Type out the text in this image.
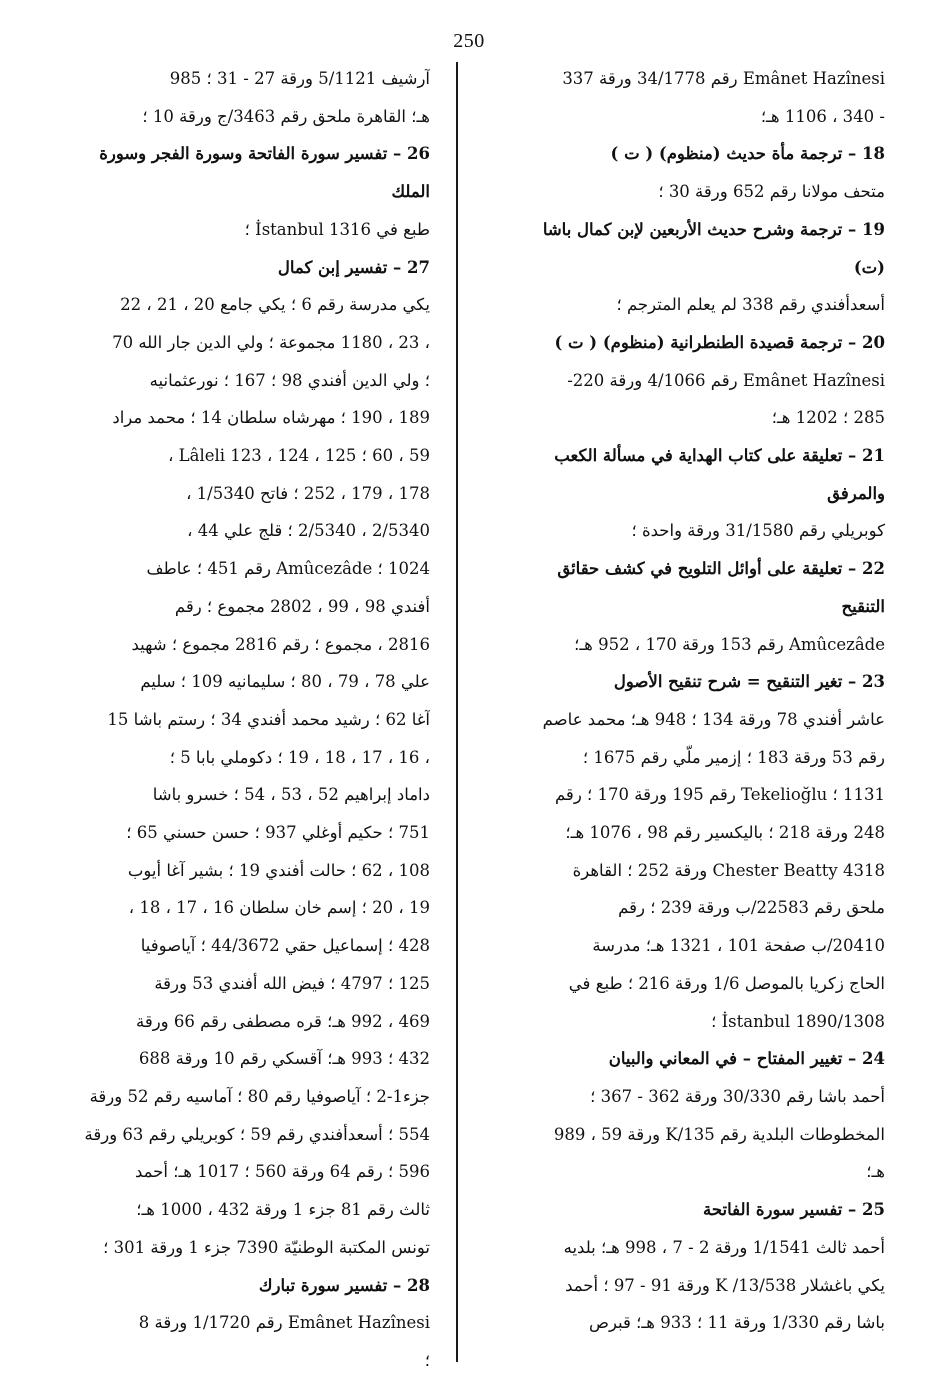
250
Emânet Hazînesi رقم 34/1778 ورقة 337
- 340 ، 1106 هـ؛
18 – ترجمة مأة حديث (منظوم) ( ت )
متحف مولانا رقم 652 ورقة 30 ؛
19 – ترجمة وشرح حديث الأربعين لإبن كمال باشا
(ت)
أسعدأفندي رقم 338 لم يعلم المترجم ؛
20 – ترجمة قصيدة الطنطرانية (منظوم) ( ت )
Emânet Hazînesi رقم 4/1066 ورقة 220-
285 ؛ 1202 هـ؛
21 – تعليقة على كتاب الهداية في مسألة الكعب
والمرفق
كوبريلي رقم 31/1580 ورقة واحدة ؛
22 – تعليقة على أوائل التلويح في كشف حقائق
التنقيح
Amûcezâde رقم 153 ورقة 170 ، 952 هـ؛
23 – تغير التنقيح = شرح تنقيح الأصول
عاشر أفندي 78 ورقة 134 ؛ 948 هـ؛ محمد عاصم
رقم 53 ورقة 183 ؛ إزمير ملّي رقم 1675 ؛
1131 ؛ Tekelioğlu رقم 195 ورقة 170 ؛ رقم
248 ورقة 218 ؛ باليكسير رقم 98 ، 1076 هـ؛
Chester Beatty 4318 ورقة 252 ؛ القاهرة
ملحق رقم 22583/ب ورقة 239 ؛ رقم
20410/ب صفحة 101 ، 1321 هـ؛ مدرسة
الحاج زكريا بالموصل 1/6 ورقة 216 ؛ طبع في
İstanbul 1890/1308 ؛
24 – تغيير المفتاح – في المعاني والبيان
أحمد باشا رقم 30/330 ورقة 362 - 367 ؛
المخطوطات البلدية رقم 135/K ورقة 59 ، 989
هـ؛
25 – تفسير سورة الفاتحة
أحمد ثالث 1/1541 ورقة 2 - 7 ، 998 هـ؛ بلديه
يكي باغشلار 13/538/ K ورقة 91 - 97 ؛ أحمد
باشا رقم 1/330 ورقة 11 ؛ 933 هـ؛ قبرص
آرشيف 5/1121 ورقة 27 - 31 ؛ 985
هـ؛ القاهرة ملحق رقم 3463/ج ورقة 10 ؛
26 – تفسير سورة الفاتحة وسورة الفجر وسورة
الملك
طبع في İstanbul 1316 ؛
27 – تفسير إبن كمال
يكي مدرسة رقم 6 ؛ يكي جامع 20 ، 21 ، 22
، 23 ، 1180 مجموعة ؛ ولي الدين جار الله 70
؛ ولي الدين أفندي 98 ؛ 167 ؛ نورعثمانيه
189 ، 190 ؛ مهرشاه سلطان 14 ؛ محمد مراد
59 ، 60 ؛ Lâleli 123 ، 124 ، 125 ،
178 ، 179 ، 252 ؛ فاتح 1/5340 ،
2/5340 ، 2/5340 ؛ قلج علي 44 ،
1024 ؛ Amûcezâde رقم 451 ؛ عاطف
أفندي 98 ، 99 ، 2802 مجموع ؛ رقم
2816 ، مجموع ؛ رقم 2816 مجموع ؛ شهيد
علي 78 ، 79 ، 80 ؛ سليمانيه 109 ؛ سليم
آغا 62 ؛ رشيد محمد أفندي 34 ؛ رستم باشا 15
، 16 ، 17 ، 18 ، 19 ؛ دكوملي بابا 5 ؛
داماد إبراهيم 52 ، 53 ، 54 ؛ خسرو باشا
751 ؛ حكيم أوغلي 937 ؛ حسن حسني 65 ؛
108 ، 62 ؛ حالت أفندي 19 ؛ بشير آغا أيوب
19 ، 20 ؛ إسم خان سلطان 16 ، 17 ، 18 ،
428 ؛ إسماعيل حقي 44/3672 ؛ آياصوفيا
125 ؛ 4797 ؛ فيض الله أفندي 53 ورقة
469 ، 992 هـ؛ قره مصطفى رقم 66 ورقة
432 ؛ 993 هـ؛ آقسكي رقم 10 ورقة 688
جزء1-2 ؛ آياصوفيا رقم 80 ؛ آماسيه رقم 52 ورقة
554 ؛ أسعدأفندي رقم 59 ؛ كوبريلي رقم 63 ورقة
596 ؛ رقم 64 ورقة 560 ؛ 1017 هـ؛ أحمد
ثالث رقم 81 جزء 1 ورقة 432 ، 1000 هـ؛
تونس المكتبة الوطنيّة 7390 جزء 1 ورقة 301 ؛
28 – تفسير سورة تبارك
Emânet Hazînesi رقم 1/1720 ورقة 8
؛
